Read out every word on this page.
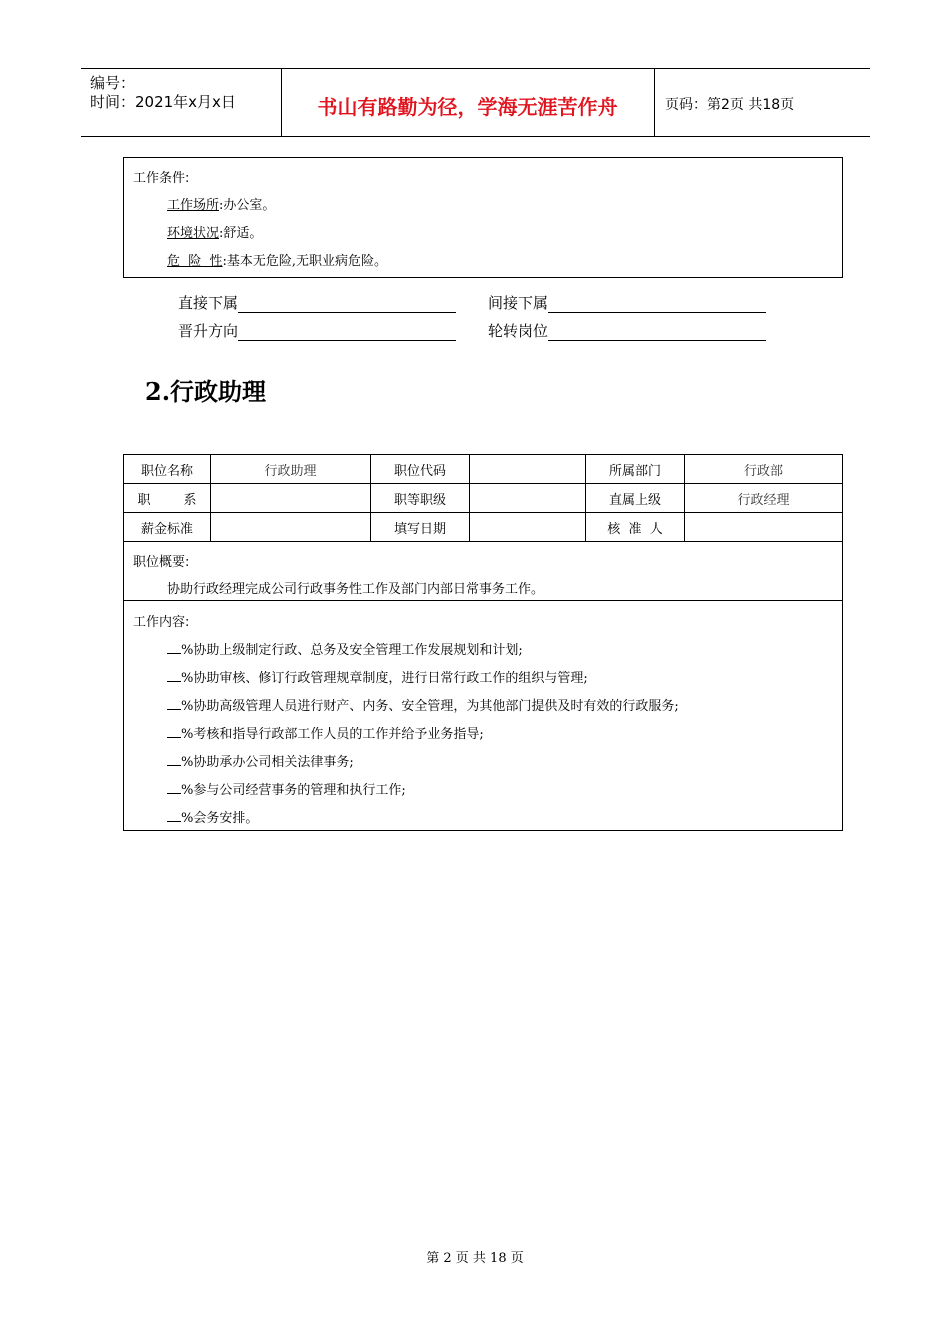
编号：
时间：2021年x月x日	书山有路勤为径，学海无涯苦作舟	页码：第2页 共18页
工作条件:
工作场所:办公室。
环境状况:舒适。
危  险  性:基本无危险,无职业病危险。
直接下属	间接下属
晋升方向	轮转岗位
2.行政助理
职位名称	行政助理	职位代码		所属部门	行政部
职        系		职等职级		直属上级	行政经理
薪金标准		填写日期		核  准  人	
职位概要:
协助行政经理完成公司行政事务性工作及部门内部日常事务工作。
工作内容:
%协助上级制定行政、总务及安全管理工作发展规划和计划;
%协助审核、修订行政管理规章制度，进行日常行政工作的组织与管理;
%协助高级管理人员进行财产、内务、安全管理，为其他部门提供及时有效的行政服务;
%考核和指导行政部工作人员的工作并给予业务指导;
%协助承办公司相关法律事务;
%参与公司经营事务的管理和执行工作;
%会务安排。
第 2 页 共 18 页
